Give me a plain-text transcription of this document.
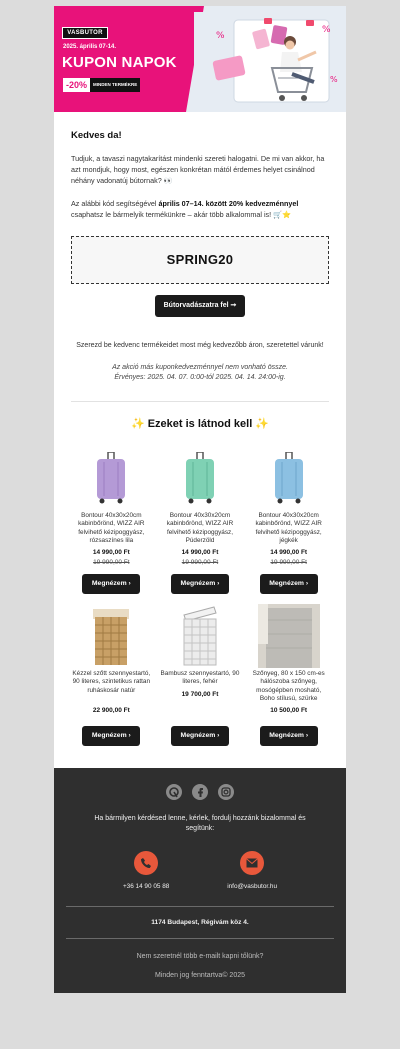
VASBUTOR
2025. április 07-14.
KUPON NAPOK
-20%	MINDEN TERMÉKRE
%
%
%
Kedves da!

Tudjuk, a tavaszi nagytakarítást mindenki szereti halogatni. De mi van akkor, ha azt mondjuk, hogy most, egészen konkrétan mától érdemes helyet csinálnod néhány vadonatúj bútornak? 👀

Az alábbi kód segítségével április 07–14. között 20% kedvezménnyel csaphatsz le bármelyik termékünkre – akár több alkalommal is! 🛒⭐

SPRING20
Bútorvadászatra fel ➞

Szerezd be kedvenc termékeidet most még kedvezőbb áron, szeretettel várunk!

Az akció más kuponkedvezménnyel nem vonható össze.

Érvényes: 2025. 04. 07. 0:00-tól 2025. 04. 14. 24:00-ig.

✨ Ezeket is látnod kell ✨
Bontour 40x30x20cm kabinbőrönd, WIZZ AIR felvihető kézipoggyász, rózsaszínes lila
14 990,00 Ft
19 990,00 Ft
Megnézem ›
Bontour 40x30x20cm kabinbőrönd, WIZZ AIR felvihető kézipoggyász, Púderzöld
14 990,00 Ft
19 990,00 Ft
Megnézem ›
Bontour 40x30x20cm kabinbőrönd, WIZZ AIR felvihető kézipoggyász, jégkék
14 990,00 Ft
19 990,00 Ft
Megnézem ›
Kézzel szőtt szennyestartó, 90 literes, szintetikus rattan ruháskosár natúr
22 900,00 Ft
Megnézem ›
Bambusz szennyestartó, 90 literes, fehér
19 700,00 Ft
Megnézem ›
Szőnyeg, 80 x 150 cm-es hálószoba szőnyeg, mosógépben mosható, Boho stílusú, szürke
10 500,00 Ft
Megnézem ›

Ha bármilyen kérdésed lenne, kérlek, fordulj hozzánk bizalommal és segítünk:

+36 14 90 05 88	info@vasbutor.hu

1174 Budapest, Régivám köz 4.

Nem szeretnél több e-mailt kapni tőlünk?

Minden jog fenntartva© 2025
